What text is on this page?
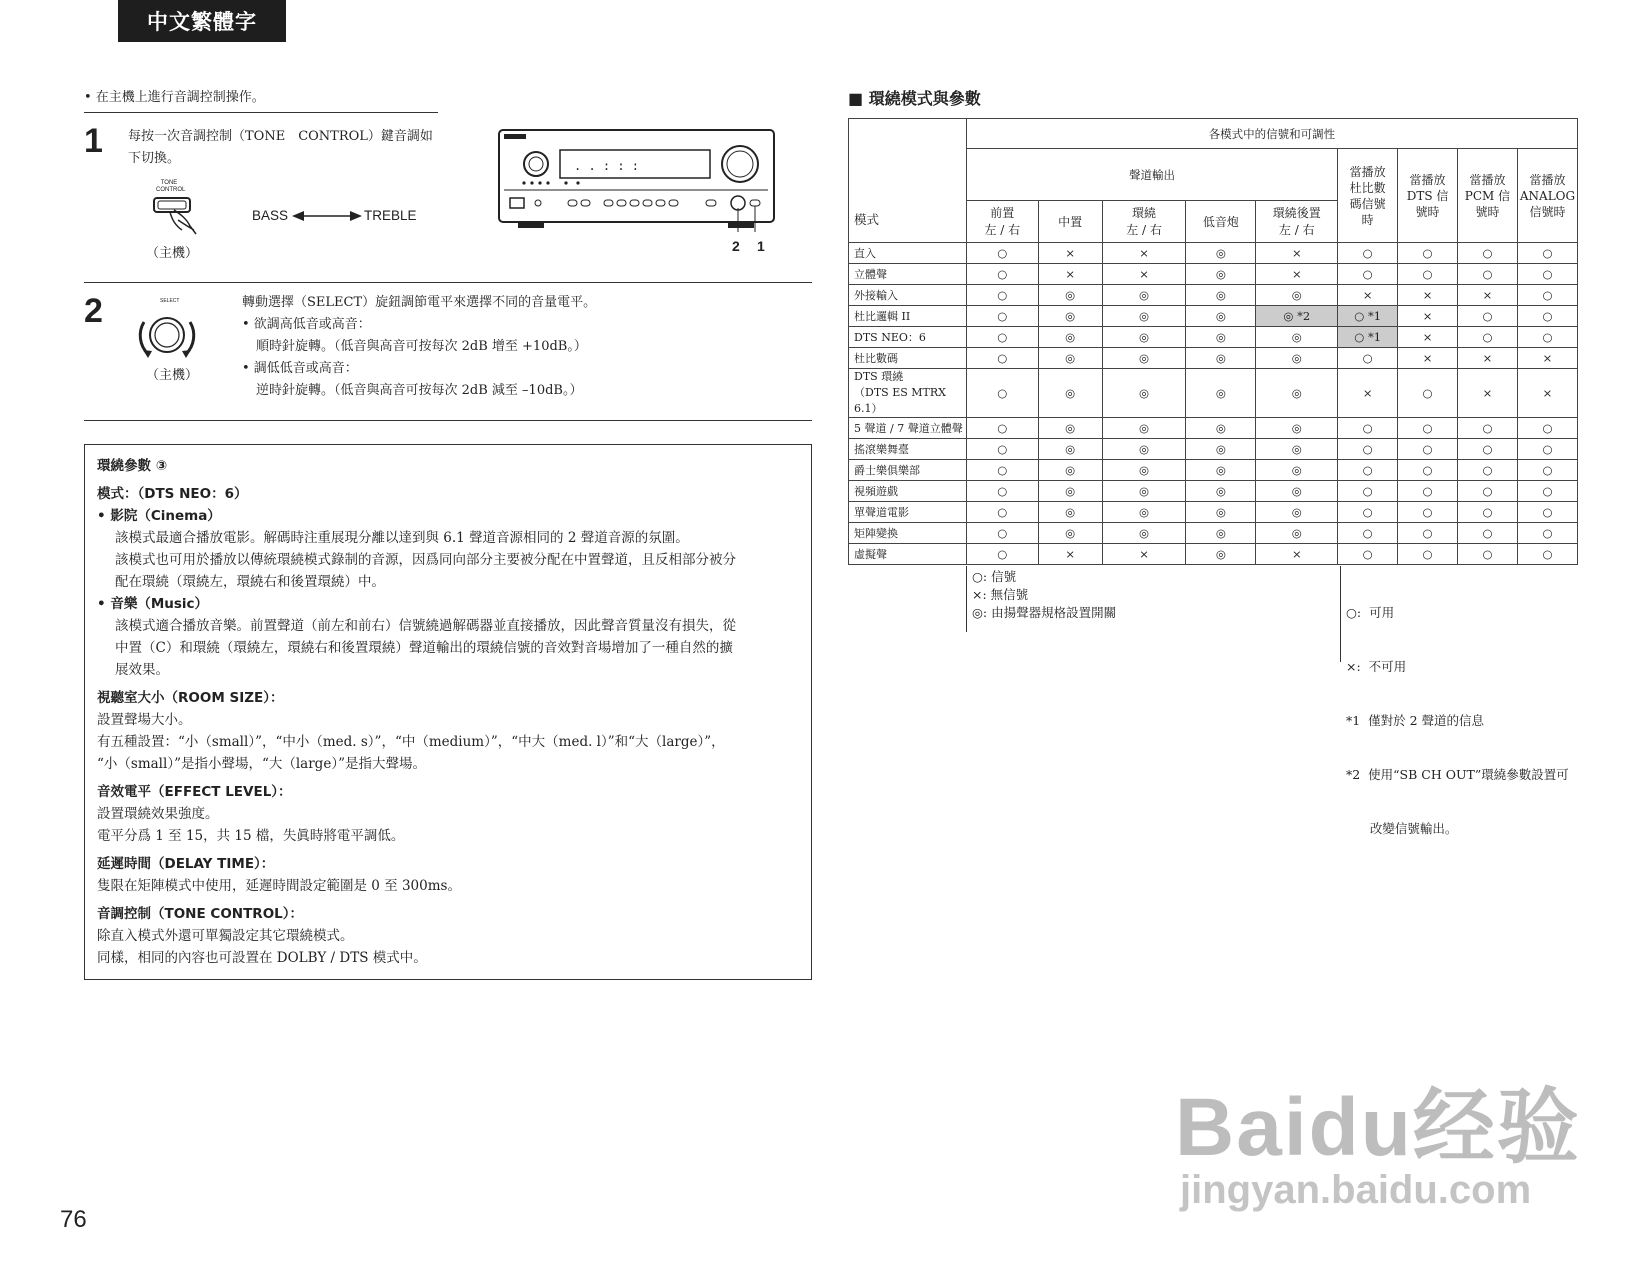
中文繁體字
• 在主機上進行音調控制操作。
1 每按一次音調控制（TONE　CONTROL）鍵音調如
下切換。
TONE
CONTROL
BASS	TREBLE
（主機）
. . : : :
2 1
2	SELECT
（主機）
轉動選擇（SELECT）旋鈕調節電平來選擇不同的音量電平。
• 欲調高低音或高音：
順時針旋轉。（低音與高音可按每次 2dB 增至 +10dB。）
• 調低低音或高音：
逆時針旋轉。（低音與高音可按每次 2dB 減至 –10dB。）
環繞參數 ③
模式：（DTS NEO：6）
• 影院（Cinema）
該模式最適合播放電影。解碼時注重展現分離以達到與 6.1 聲道音源相同的 2 聲道音源的氛圍。
該模式也可用於播放以傳統環繞模式錄制的音源，因爲同向部分主要被分配在中置聲道，且反相部分被分
配在環繞（環繞左，環繞右和後置環繞）中。
• 音樂（Music）
該模式適合播放音樂。前置聲道（前左和前右）信號繞過解碼器並直接播放，因此聲音質量沒有損失，從
中置（C）和環繞（環繞左，環繞右和後置環繞）聲道輸出的環繞信號的音效對音場增加了一種自然的擴
展效果。
視聽室大小（ROOM SIZE）：
設置聲場大小。
有五種設置：“小（small）”，“中小（med. s）”，“中（medium）”，“中大（med. l）”和“大（large）”，
“小（small）”是指小聲場，“大（large）”是指大聲場。
音效電平（EFFECT LEVEL）：
設置環繞效果強度。
電平分爲 1 至 15，共 15 檔，失眞時將電平調低。
延遲時間（DELAY TIME）：
隻限在矩陣模式中使用，延遲時間設定範圍是 0 至 300ms。
音調控制（TONE CONTROL）：
除直入模式外還可單獨設定其它環繞模式。
同樣，相同的內容也可設置在 DOLBY / DTS 模式中。
■ 環繞模式與參數
模式	各模式中的信號和可調性								
	聲道輸出					當播放
杜比數
碼信號
時	當播放
DTS 信
號時	當播放
PCM 信
號時	當播放
ANALOG
信號時
	前置
左 / 右	中置	環繞
左 / 右	低音炮	環繞後置
左 / 右				
直入	○	×	×	◎	×	○	○	○	○
立體聲	○	×	×	◎	×	○	○	○	○
外接輸入	○	◎	◎	◎	◎	×	×	×	○
杜比邏輯 II	○	◎	◎	◎	◎ *2	○ *1	×	○	○
DTS NEO：6	○	◎	◎	◎	◎	○ *1	×	○	○
杜比數碼	○	◎	◎	◎	◎	○	×	×	×
DTS 環繞
（DTS ES MTRX 6.1）	○	◎	◎	◎	◎	×	○	×	×
5 聲道 / 7 聲道立體聲	○	◎	◎	◎	◎	○	○	○	○
搖滾樂舞臺	○	◎	◎	◎	◎	○	○	○	○
爵士樂俱樂部	○	◎	◎	◎	◎	○	○	○	○
視頻遊戲	○	◎	◎	◎	◎	○	○	○	○
單聲道電影	○	◎	◎	◎	◎	○	○	○	○
矩陣變換	○	◎	◎	◎	◎	○	○	○	○
虛擬聲	○	×	×	◎	×	○	○	○	○
○: 信號
×: 無信號
◎: 由揚聲器規格設置開關

	○:  可用

×:  不可用

*1  僅對於 2 聲道的信息

*2  使用“SB CH OUT”環繞參數設置可

改變信號輸出。

Baidu经验
jingyan.baidu.com
76
